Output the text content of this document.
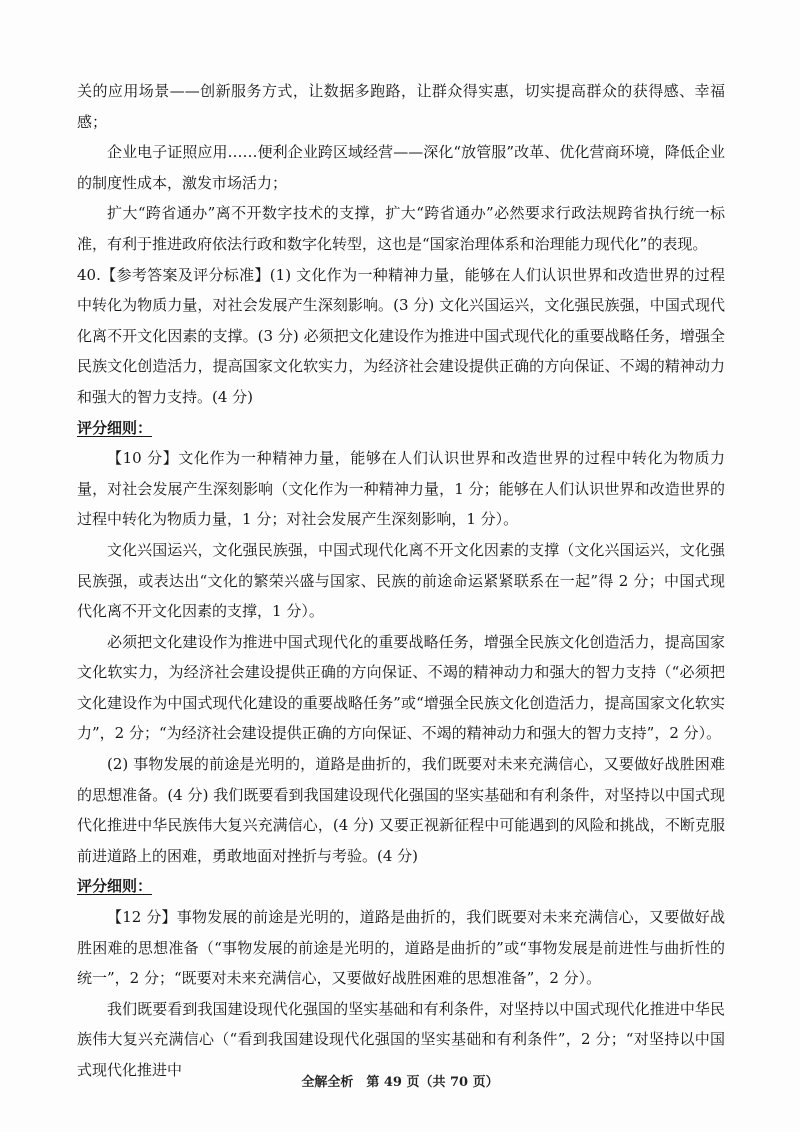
关的应用场景——创新服务方式，让数据多跑路，让群众得实惠，切实提高群众的获得感、幸福感；

企业电子证照应用……便利企业跨区域经营——深化“放管服”改革、优化营商环境，降低企业的制度性成本，激发市场活力；

扩大“跨省通办”离不开数字技术的支撑，扩大“跨省通办”必然要求行政法规跨省执行统一标准，有利于推进政府依法行政和数字化转型，这也是“国家治理体系和治理能力现代化”的表现。

40.【参考答案及评分标准】(1) 文化作为一种精神力量，能够在人们认识世界和改造世界的过程中转化为物质力量，对社会发展产生深刻影响。(3 分) 文化兴国运兴，文化强民族强，中国式现代化离不开文化因素的支撑。(3 分) 必须把文化建设作为推进中国式现代化的重要战略任务，增强全民族文化创造活力，提高国家文化软实力，为经济社会建设提供正确的方向保证、不竭的精神动力和强大的智力支持。(4 分)

评分细则：

【10 分】文化作为一种精神力量，能够在人们认识世界和改造世界的过程中转化为物质力量，对社会发展产生深刻影响（文化作为一种精神力量，1 分；能够在人们认识世界和改造世界的过程中转化为物质力量，1 分；对社会发展产生深刻影响，1 分）。

文化兴国运兴，文化强民族强，中国式现代化离不开文化因素的支撑（文化兴国运兴，文化强民族强，或表达出“文化的繁荣兴盛与国家、民族的前途命运紧紧联系在一起”得 2 分；中国式现代化离不开文化因素的支撑，1 分）。

必须把文化建设作为推进中国式现代化的重要战略任务，增强全民族文化创造活力，提高国家文化软实力，为经济社会建设提供正确的方向保证、不竭的精神动力和强大的智力支持（“必须把文化建设作为中国式现代化建设的重要战略任务”或“增强全民族文化创造活力，提高国家文化软实力”，2 分；“为经济社会建设提供正确的方向保证、不竭的精神动力和强大的智力支持”，2 分）。

(2) 事物发展的前途是光明的，道路是曲折的，我们既要对未来充满信心，又要做好战胜困难的思想准备。(4 分) 我们既要看到我国建设现代化强国的坚实基础和有利条件，对坚持以中国式现代化推进中华民族伟大复兴充满信心，(4 分) 又要正视新征程中可能遇到的风险和挑战，不断克服前进道路上的困难，勇敢地面对挫折与考验。(4 分)

评分细则：

【12 分】事物发展的前途是光明的，道路是曲折的，我们既要对未来充满信心，又要做好战胜困难的思想准备（“事物发展的前途是光明的，道路是曲折的”或“事物发展是前进性与曲折性的统一”，2 分；“既要对未来充满信心，又要做好战胜困难的思想准备”，2 分）。

我们既要看到我国建设现代化强国的坚实基础和有利条件，对坚持以中国式现代化推进中华民族伟大复兴充满信心（“看到我国建设现代化强国的坚实基础和有利条件”，2 分；“对坚持以中国式现代化推进中

全解全析　第 49 页（共 70 页）
